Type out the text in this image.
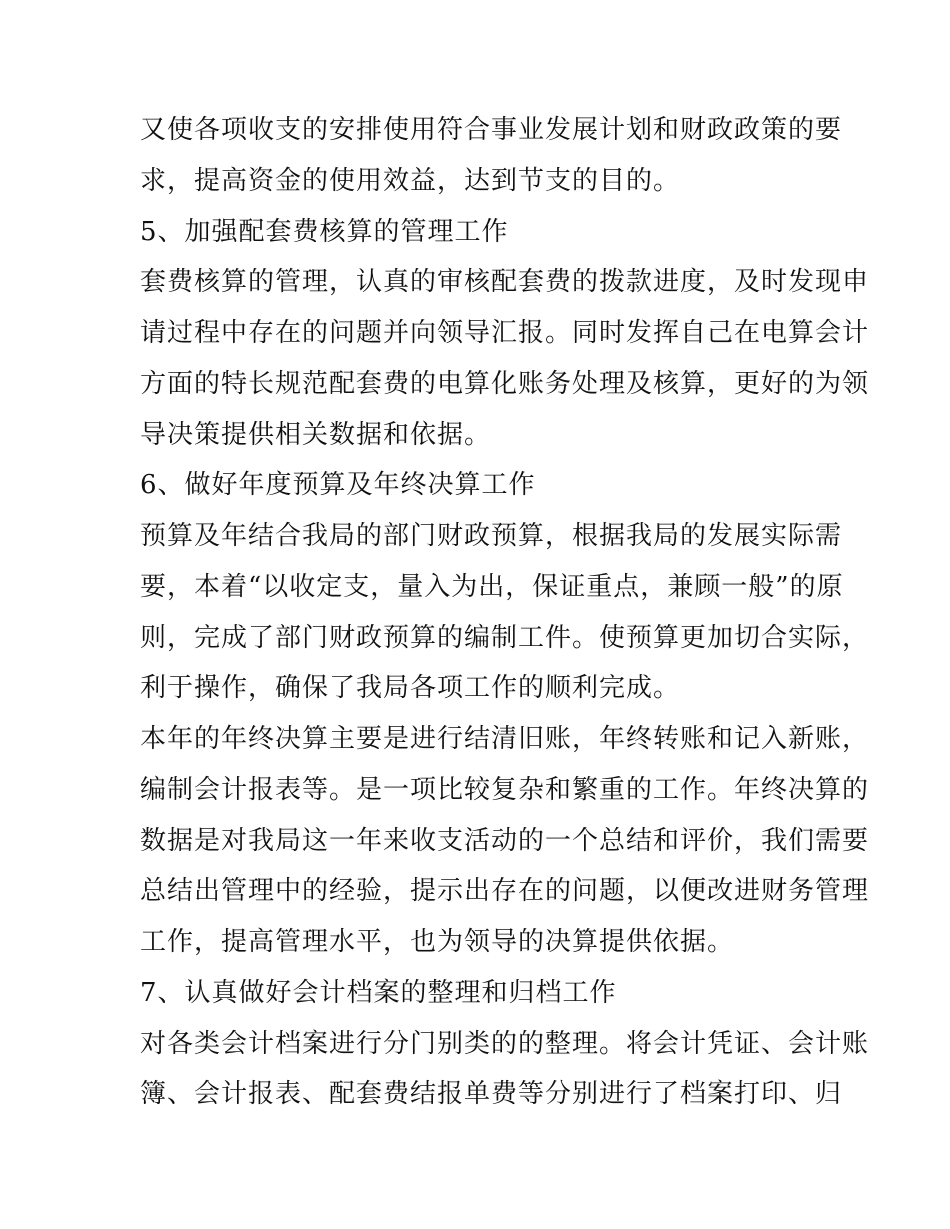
又使各项收支的安排使用符合事业发展计划和财政政策的要
求，提高资金的使用效益，达到节支的目的。
5、加强配套费核算的管理工作
套费核算的管理，认真的审核配套费的拨款进度，及时发现申
请过程中存在的问题并向领导汇报。同时发挥自己在电算会计
方面的特长规范配套费的电算化账务处理及核算，更好的为领
导决策提供相关数据和依据。
6、做好年度预算及年终决算工作
预算及年结合我局的部门财政预算，根据我局的发展实际需
要，本着“以收定支，量入为出，保证重点，兼顾一般”的原
则，完成了部门财政预算的编制工件。使预算更加切合实际，
利于操作，确保了我局各项工作的顺利完成。
本年的年终决算主要是进行结清旧账，年终转账和记入新账，
编制会计报表等。是一项比较复杂和繁重的工作。年终决算的
数据是对我局这一年来收支活动的一个总结和评价，我们需要
总结出管理中的经验，提示出存在的问题，以便改进财务管理
工作，提高管理水平，也为领导的决算提供依据。
7、认真做好会计档案的整理和归档工作
对各类会计档案进行分门别类的的整理。将会计凭证、会计账
簿、会计报表、配套费结报单费等分别进行了档案打印、归
